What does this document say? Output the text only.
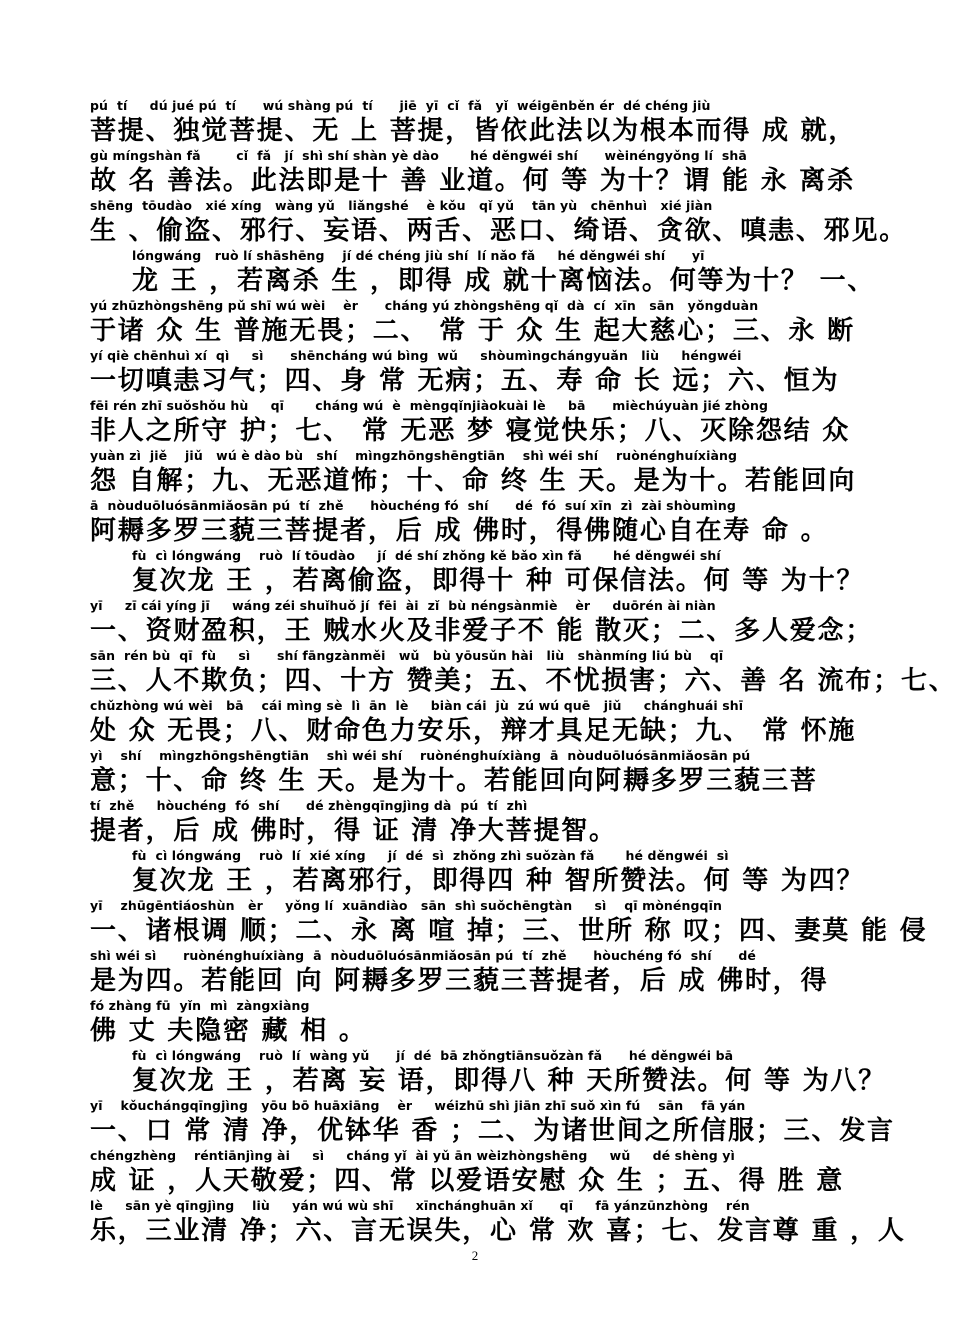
pú  tí     dú jué pú  tí      wú shàng pú  tí      jiē  yī  cǐ  fǎ   yǐ  wéigēnběn ér  dé chéng jiù
菩提、独觉菩提、无 上 菩提，皆依此法以为根本而得 成 就，
gù míngshàn fǎ        cǐ  fǎ   jí  shì shí shàn yè dào       hé děngwéi shí      wèinéngyǒng lí  shā
故 名 善法。此法即是十 善 业道。何 等 为十？谓 能 永 离杀
shēng  tōudào   xié xíng   wàng yǔ   liǎngshé    è kǒu   qǐ yǔ    tān yù   chēnhuì   xié jiàn
生 、偷盗、邪行、妄语、两舌、恶口、绮语、贪欲、嗔恚、邪见。
lóngwáng   ruò lí shāshēng    jí dé chéng jiù shí  lí nǎo fǎ     hé děngwéi shí      yī
龙 王 ，若离杀 生 ，即得 成 就十离恼法。何等为十？ 一、
yú zhūzhòngshēng pǔ shī wú wèi    èr      cháng yú zhòngshēng qǐ  dà  cí  xīn   sān   yǒngduàn
于诸 众 生 普施无畏；二、 常 于 众 生 起大慈心；三、永 断
yí qiè chēnhuì xí  qì     sì      shēncháng wú bìng  wǔ     shòumìngchángyuǎn   liù     héngwéi
一切嗔恚习气；四、身 常 无病；五、寿 命 长 远；六、恒为
fēi rén zhī suǒshǒu hù     qī       cháng wú  è  mèngqǐnjiàokuài lè     bā      mièchúyuàn jié zhòng
非人之所守 护；七、 常 无恶 梦 寝觉快乐；八、灭除怨结 众
yuàn zì  jiě    jiǔ   wú è dào bù   shí    mìngzhōngshēngtiān    shì wéi shí    ruònénghuíxiàng
怨 自解；九、无恶道怖；十、命 终 生 天。是为十。若能回向
ā  nòuduōluósānmiǎosān pú  tí  zhě      hòuchéng fó  shí      dé  fó  suí xīn  zì  zài shòumìng
阿耨多罗三藐三菩提者，后 成 佛时，得佛随心自在寿 命 。
fù  cì lóngwáng    ruò  lí tōudào     jí  dé shí zhǒng kě bǎo xìn fǎ       hé děngwéi shí
复次龙 王 ，若离偷盗，即得十 种 可保信法。何 等 为十？
yī     zī cái yíng jī     wáng zéi shuǐhuǒ jí  fēi  ài  zǐ  bù néngsànmiè    èr     duōrén ài niàn
一、资财盈积，王 贼水火及非爱子不 能 散灭；二、多人爱念；
sān  rén bù  qī  fù     sì      shí fāngzànměi   wǔ   bù yōusǔn hài   liù   shànmíng liú bù    qī
三、人不欺负；四、十方 赞美；五、不忧损害；六、善 名 流布；七、
chǔzhòng wú wèi   bā    cái mìng sè  lì  ān  lè     biàn cái  jù  zú wú quē   jiǔ     chánghuái shī
处 众 无畏；八、财命色力安乐，辩才具足无缺；九、 常 怀施
yì    shí    mìngzhōngshēngtiān    shì wéi shí    ruònénghuíxiàng  ā  nòuduōluósānmiǎosān pú
意；十、命 终 生 天。是为十。若能回向阿耨多罗三藐三菩
tí  zhě     hòuchéng  fó  shí      dé zhèngqīngjìng dà  pú  tí  zhì
提者，后 成 佛时，得 证 清 净大菩提智。
fù  cì lóngwáng    ruò  lí  xié xíng     jí  dé  sì  zhǒng zhì suǒzàn fǎ       hé děngwéi  sì
复次龙 王 ，若离邪行，即得四 种 智所赞法。何 等 为四？
yī    zhūgēntiáoshùn   èr     yǒng lí  xuāndiào   sān  shì suǒchēngtàn     sì    qī mònéngqīn
一、诸根调 顺；二、永 离 喧 掉；三、世所 称 叹；四、妻莫 能 侵
shì wéi sì      ruònénghuíxiàng  ā  nòuduōluósānmiǎosān pú  tí  zhě      hòuchéng fó  shí      dé
是为四。若能回 向 阿耨多罗三藐三菩提者，后 成 佛时，得
fó zhàng fū  yǐn  mì  zàngxiàng
佛 丈 夫隐密 藏 相 。
fù  cì lóngwáng    ruò  lí  wàng yǔ      jí  dé  bā zhǒngtiānsuǒzàn fǎ      hé děngwéi bā
复次龙 王 ，若离 妄 语，即得八 种 天所赞法。何 等 为八？
yī    kǒuchángqīngjìng   yōu bō huāxiāng    èr     wéizhū shì jiān zhī suǒ xìn fú    sān    fā yán
一、口 常 清 净，优钵华 香 ；二、为诸世间之所信服；三、发言
chéngzhèng    réntiānjìng ài     sì     cháng yǐ  ài yǔ ān wèizhòngshēng     wǔ     dé shèng yì
成 证 ，人天敬爱；四、常 以爱语安慰 众 生 ；五、得 胜 意
lè     sān yè qīngjìng    liù     yán wú wù shī     xīnchánghuān xǐ      qī     fā yánzūnzhòng    rén
乐，三业清 净；六、言无误失，心 常 欢 喜；七、发言尊 重 ，人
2
